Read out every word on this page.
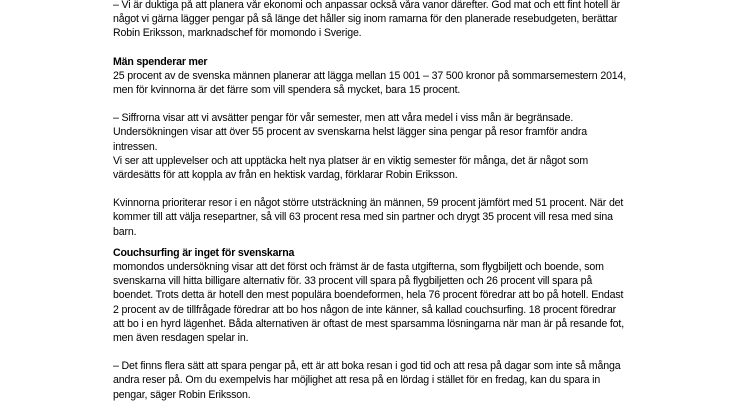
– Vi är duktiga på att planera vår ekonomi och anpassar också våra vanor därefter. God mat och ett fint hotell är
något vi gärna lägger pengar på så länge det håller sig inom ramarna för den planerade resebudgeten, berättar
Robin Eriksson, marknadschef för momondo i Sverige.

Män spenderar mer

25 procent av de svenska männen planerar att lägga mellan 15 001 – 37 500 kronor på sommarsemestern 2014,
men för kvinnorna är det färre som vill spendera så mycket, bara 15 procent.

– Siffrorna visar att vi avsätter pengar för vår semester, men att våra medel i viss mån är begränsade.
Undersökningen visar att över 55 procent av svenskarna helst lägger sina pengar på resor framför andra intressen.
Vi ser att upplevelser och att upptäcka helt nya platser är en viktig semester för många, det är något som
värdesätts för att koppla av från en hektisk vardag, förklarar Robin Eriksson.

Kvinnorna prioriterar resor i en något större utsträckning än männen, 59 procent jämfört med 51 procent. När det
kommer till att välja resepartner, så vill 63 procent resa med sin partner och drygt 35 procent vill resa med sina
barn.

Couchsurfing är inget för svenskarna

momondos undersökning visar att det först och främst är de fasta utgifterna, som flygbiljett och boende, som
svenskarna vill hitta billigare alternativ för. 33 procent vill spara på flygbiljetten och 26 procent vill spara på
boendet. Trots detta är hotell den mest populära boendeformen, hela 76 procent föredrar att bo på hotell. Endast
2 procent av de tillfrågade föredrar att bo hos någon de inte känner, så kallad couchsurfing. 18 procent föredrar
att bo i en hyrd lägenhet. Båda alternativen är oftast de mest sparsamma lösningarna när man är på resande fot,
men även resdagen spelar in.

– Det finns flera sätt att spara pengar på, ett är att boka resan i god tid och att resa på dagar som inte så många
andra reser på. Om du exempelvis har möjlighet att resa på en lördag i stället för en fredag, kan du spara in
pengar, säger Robin Eriksson.
